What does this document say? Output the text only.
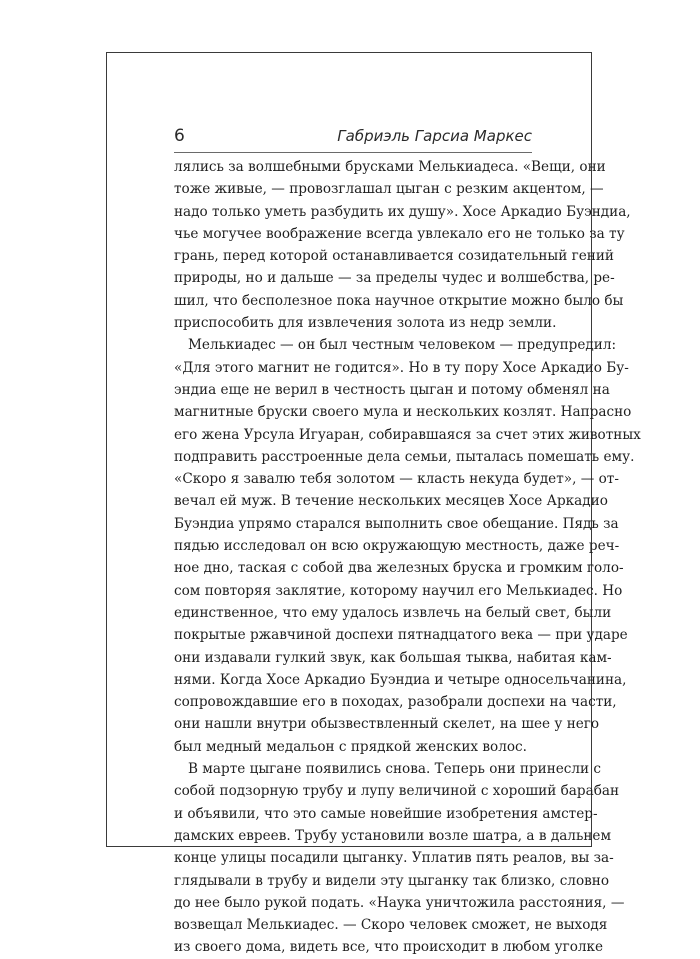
6	Габриэль Гарсиа Маркес
лялись за волшебными брусками Мелькиадеса. «Вещи, они
тоже живые, — провозглашал цыган с резким акцентом, —
надо только уметь разбудить их душу». Хосе Аркадио Буэндиа,
чье могучее воображение всегда увлекало его не только за ту
грань, перед которой останавливается созидательный гений
природы, но и дальше — за пределы чудес и волшебства, ре-
шил, что бесполезное пока научное открытие можно было бы
приспособить для извлечения золота из недр земли.
Мелькиадес — он был честным человеком — предупредил:
«Для этого магнит не годится». Но в ту пору Хосе Аркадио Бу-
эндиа еще не верил в честность цыган и потому обменял на
магнитные бруски своего мула и нескольких козлят. Напрасно
его жена Урсула Игуаран, собиравшаяся за счет этих животных
подправить расстроенные дела семьи, пыталась помешать ему.
«Скоро я завалю тебя золотом — класть некуда будет», — от-
вечал ей муж. В течение нескольких месяцев Хосе Аркадио
Буэндиа упрямо старался выполнить свое обещание. Пядь за
пядью исследовал он всю окружающую местность, даже реч-
ное дно, таская с собой два железных бруска и громким голо-
сом повторяя заклятие, которому научил его Мелькиадес. Но
единственное, что ему удалось извлечь на белый свет, были
покрытые ржавчиной доспехи пятнадцатого века — при ударе
они издавали гулкий звук, как большая тыква, набитая кам-
нями. Когда Хосе Аркадио Буэндиа и четыре односельчанина,
сопровождавшие его в походах, разобрали доспехи на части,
они нашли внутри обызвествленный скелет, на шее у него
был медный медальон с прядкой женских волос.
В марте цыгане появились снова. Теперь они принесли с
собой подзорную трубу и лупу величиной с хороший барабан
и объявили, что это самые новейшие изобретения амстер-
дамских евреев. Трубу установили возле шатра, а в дальнем
конце улицы посадили цыганку. Уплатив пять реалов, вы за-
глядывали в трубу и видели эту цыганку так близко, словно
до нее было рукой подать. «Наука уничтожила расстояния, —
возвещал Мелькиадес. — Скоро человек сможет, не выходя
из своего дома, видеть все, что происходит в любом уголке
